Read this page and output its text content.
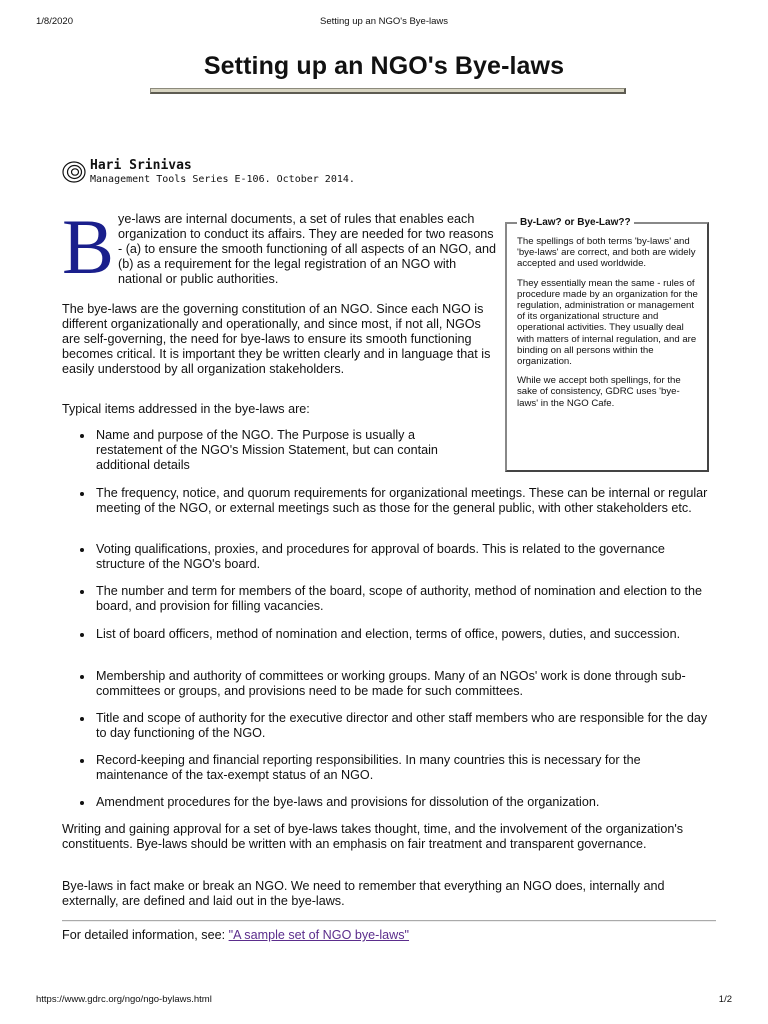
1/8/2020	Setting up an NGO's Bye-laws
Setting up an NGO's Bye-laws
Hari Srinivas
Management Tools Series E-106. October 2014.
B ye-laws are internal documents, a set of rules that enables each organization to conduct its affairs. They are needed for two reasons - (a) to ensure the smooth functioning of all aspects of an NGO, and (b) as a requirement for the legal registration of an NGO with national or public authorities.
By-Law? or Bye-Law??

The spellings of both terms 'by-laws' and 'bye-laws' are correct, and both are widely accepted and used worldwide.

They essentially mean the same - rules of procedure made by an organization for the regulation, administration or management of its organizational structure and operational activities. They usually deal with matters of internal regulation, and are binding on all persons within the organization.

While we accept both spellings, for the sake of consistency, GDRC uses 'bye-laws' in the NGO Cafe.

The bye-laws are the governing constitution of an NGO. Since each NGO is different organizationally and operationally, and since most, if not all, NGOs are self-governing, the need for bye-laws to ensure its smooth functioning becomes critical. It is important they be written clearly and in language that is easily understood by all organization stakeholders.

Typical items addressed in the bye-laws are:

Name and purpose of the NGO. The Purpose is usually a restatement of the NGO's Mission Statement, but can contain additional details
The frequency, notice, and quorum requirements for organizational meetings. These can be internal or regular meeting of the NGO, or external meetings such as those for the general public, with other stakeholders etc.
Voting qualifications, proxies, and procedures for approval of boards. This is related to the governance structure of the NGO's board.
The number and term for members of the board, scope of authority, method of nomination and election to the board, and provision for filling vacancies.
List of board officers, method of nomination and election, terms of office, powers, duties, and succession.
Membership and authority of committees or working groups. Many of an NGOs' work is done through sub-committees or groups, and provisions need to be made for such committees.
Title and scope of authority for the executive director and other staff members who are responsible for the day to day functioning of the NGO.
Record-keeping and financial reporting responsibilities. In many countries this is necessary for the maintenance of the tax-exempt status of an NGO.
Amendment procedures for the bye-laws and provisions for dissolution of the organization.

Writing and gaining approval for a set of bye-laws takes thought, time, and the involvement of the organization's constituents. Bye-laws should be written with an emphasis on fair treatment and transparent governance.

Bye-laws in fact make or break an NGO. We need to remember that everything an NGO does, internally and externally, are defined and laid out in the bye-laws.

For detailed information, see: "A sample set of NGO bye-laws"
https://www.gdrc.org/ngo/ngo-bylaws.html	1/2
